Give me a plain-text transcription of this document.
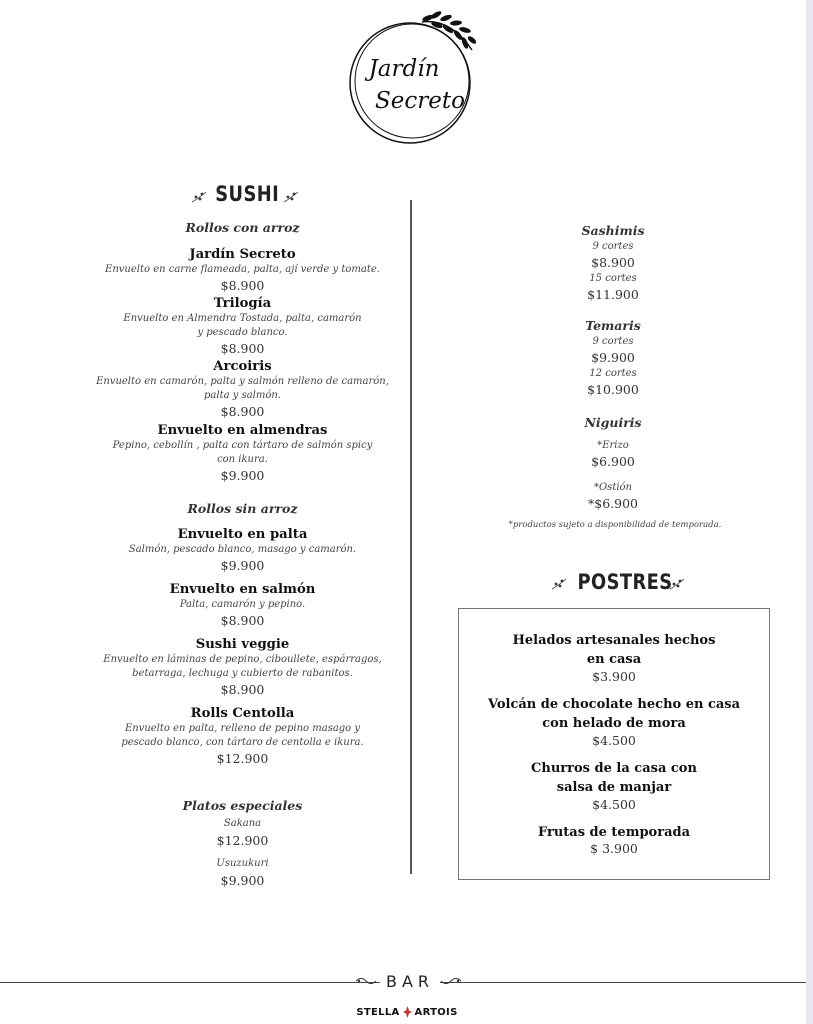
Jardín
Secreto
SUSHI
Rollos con arroz
Jardín Secreto
Envuelto en carne flameada, palta, ají verde y tomate.
$8.900
Trilogía
Envuelto en Almendra Tostada, palta, camarón
y pescado blanco.
$8.900
Arcoiris
Envuelto en camarón, palta y salmón relleno de camarón,
palta y salmón.
$8.900
Envuelto en almendras
Pepino, cebollín , palta con tártaro de salmón spicy
con ikura.
$9.900
Rollos sin arroz
Envuelto en palta
Salmón, pescado blanco, masago y camarón.
$9.900
Envuelto en salmón
Palta, camarón y pepino.
$8.900
Sushi veggie
Envuelto en láminas de pepino, ciboullete, espárragos,
betarraga, lechuga y cubierto de rabanitos.
$8.900
Rolls Centolla
Envuelto en palta, relleno de pepino masago y
pescado blanco, con tártaro de centolla e ikura.
$12.900
Platos especiales
Sakana
$12.900
Usuzukuri
$9.900
Sashimis
9 cortes
$8.900
15 cortes
$11.900
Temaris
9 cortes
$9.900
12 cortes
$10.900
Niguiris
*Erizo
$6.900
*Ostión
*$6.900
*productos sujeto a disponibilidad de temporada.
POSTRES
Helados artesanales hechos
en casa
$3.900
Volcán de chocolate hecho en casa
con helado de mora
$4.500
Churros de la casa con
salsa de manjar
$4.500
Frutas de temporada
$ 3.900
BAR
STELLA ARTOIS
